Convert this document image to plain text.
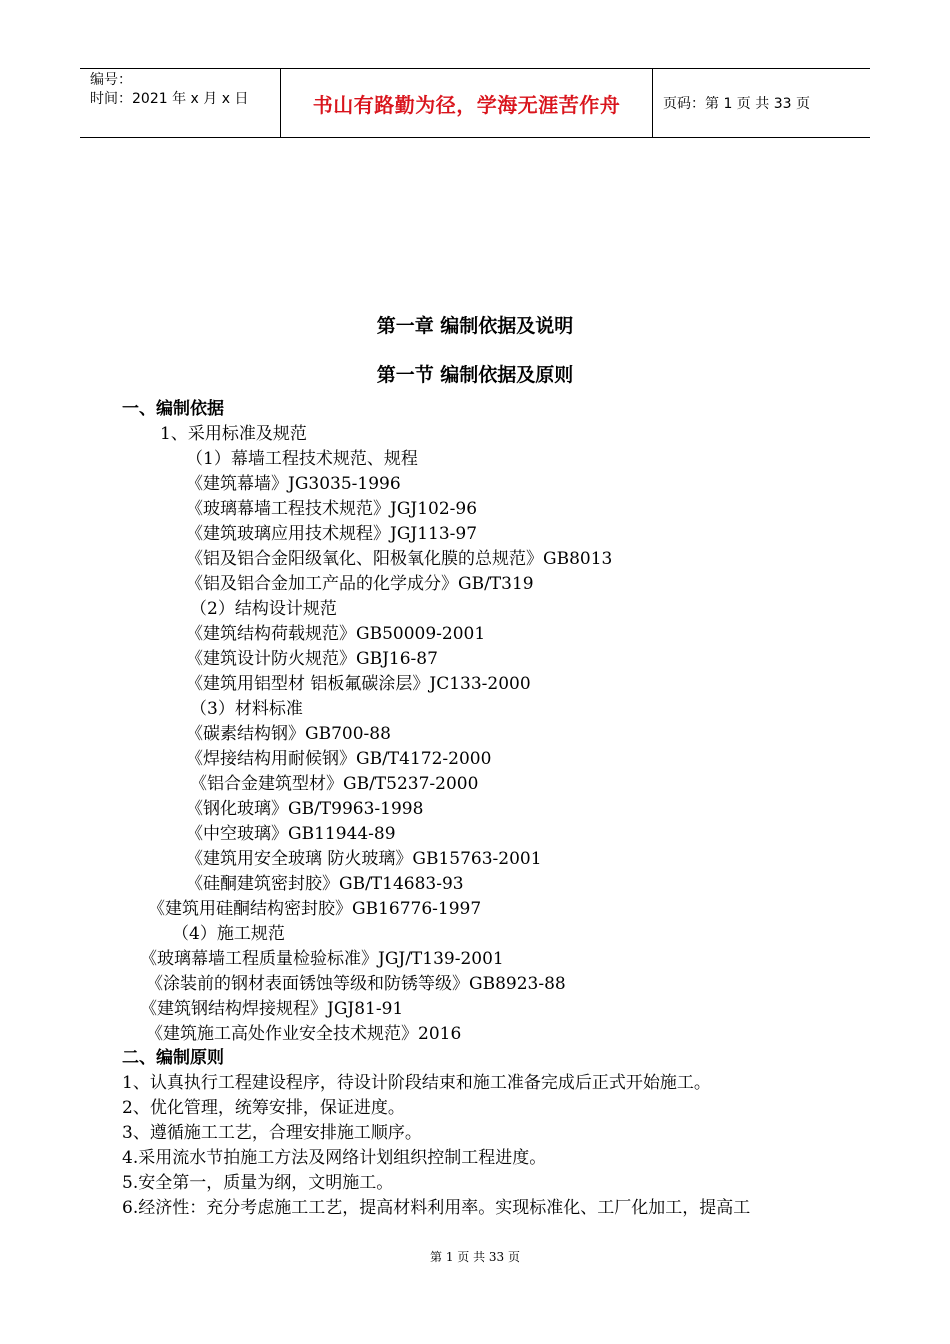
编号：
时间：2021 年 x 月 x 日	书山有路勤为径，学海无涯苦作舟	页码：第 1 页 共 33 页
第一章 编制依据及说明
第一节 编制依据及原则
一、编制依据
1、采用标准及规范
（1）幕墙工程技术规范、规程
《建筑幕墙》JG3035-1996
《玻璃幕墙工程技术规范》JGJ102-96
《建筑玻璃应用技术规程》JGJ113-97
《铝及铝合金阳级氧化、阳极氧化膜的总规范》GB8013
《铝及铝合金加工产品的化学成分》GB/T319
（2）结构设计规范
《建筑结构荷载规范》GB50009-2001
《建筑设计防火规范》GBJ16-87
《建筑用铝型材 铝板氟碳涂层》JC133-2000
（3）材料标准
《碳素结构钢》GB700-88
《焊接结构用耐候钢》GB/T4172-2000
《铝合金建筑型材》GB/T5237-2000
《钢化玻璃》GB/T9963-1998
《中空玻璃》GB11944-89
《建筑用安全玻璃 防火玻璃》GB15763-2001
《硅酮建筑密封胶》GB/T14683-93
《建筑用硅酮结构密封胶》GB16776-1997
（4）施工规范
《玻璃幕墙工程质量检验标准》JGJ/T139-2001
《涂装前的钢材表面锈蚀等级和防锈等级》GB8923-88
《建筑钢结构焊接规程》JGJ81-91
《建筑施工高处作业安全技术规范》2016
二、编制原则
1、认真执行工程建设程序，待设计阶段结束和施工准备完成后正式开始施工。
2、优化管理，统筹安排，保证进度。
3、遵循施工工艺，合理安排施工顺序。
4.采用流水节拍施工方法及网络计划组织控制工程进度。
5.安全第一，质量为纲，文明施工。
6.经济性：充分考虑施工工艺，提高材料利用率。实现标准化、工厂化加工，提高工
第 1 页 共 33 页
